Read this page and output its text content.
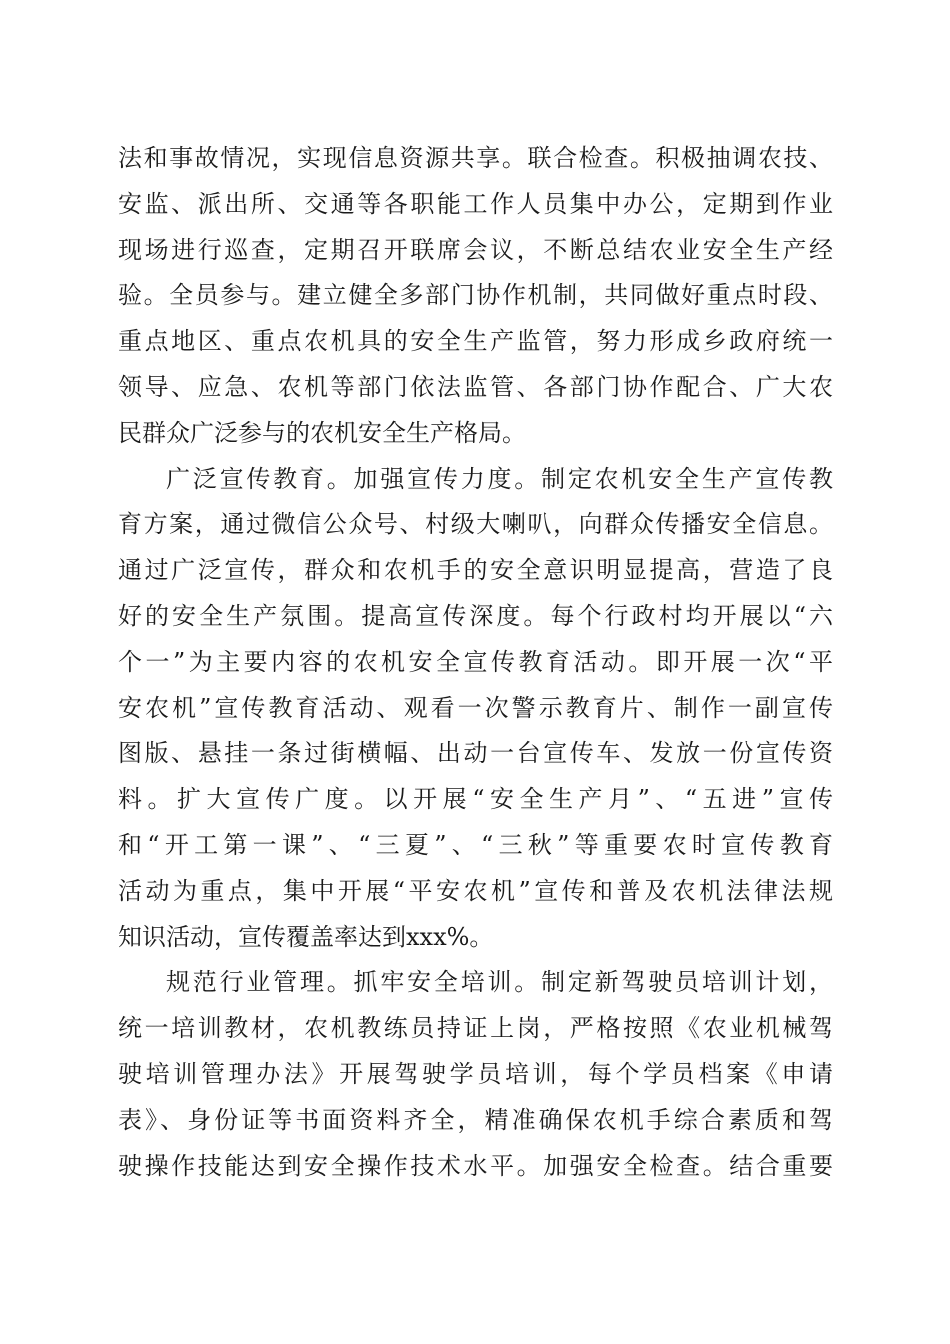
法和事故情况，实现信息资源共享。联合检查。积极抽调农技、
安监、派出所、交通等各职能工作人员集中办公，定期到作业
现场进行巡查，定期召开联席会议，不断总结农业安全生产经
验。全员参与。建立健全多部门协作机制，共同做好重点时段、
重点地区、重点农机具的安全生产监管，努力形成乡政府统一
领导、应急、农机等部门依法监管、各部门协作配合、广大农
民群众广泛参与的农机安全生产格局。
广泛宣传教育。加强宣传力度。制定农机安全生产宣传教
育方案，通过微信公众号、村级大喇叭，向群众传播安全信息。
通过广泛宣传，群众和农机手的安全意识明显提高，营造了良
好的安全生产氛围。提高宣传深度。每个行政村均开展以“六
个一”为主要内容的农机安全宣传教育活动。即开展一次“平
安农机”宣传教育活动、观看一次警示教育片、制作一副宣传
图版、悬挂一条过街横幅、出动一台宣传车、发放一份宣传资
料。扩大宣传广度。以开展“安全生产月”、“五进”宣传
和“开工第一课”、“三夏”、“三秋”等重要农时宣传教育
活动为重点，集中开展“平安农机”宣传和普及农机法律法规
知识活动，宣传覆盖率达到xxx%。
规范行业管理。抓牢安全培训。制定新驾驶员培训计划，
统一培训教材，农机教练员持证上岗，严格按照《农业机械驾
驶培训管理办法》开展驾驶学员培训，每个学员档案《申请
表》、身份证等书面资料齐全，精准确保农机手综合素质和驾
驶操作技能达到安全操作技术水平。加强安全检查。结合重要
